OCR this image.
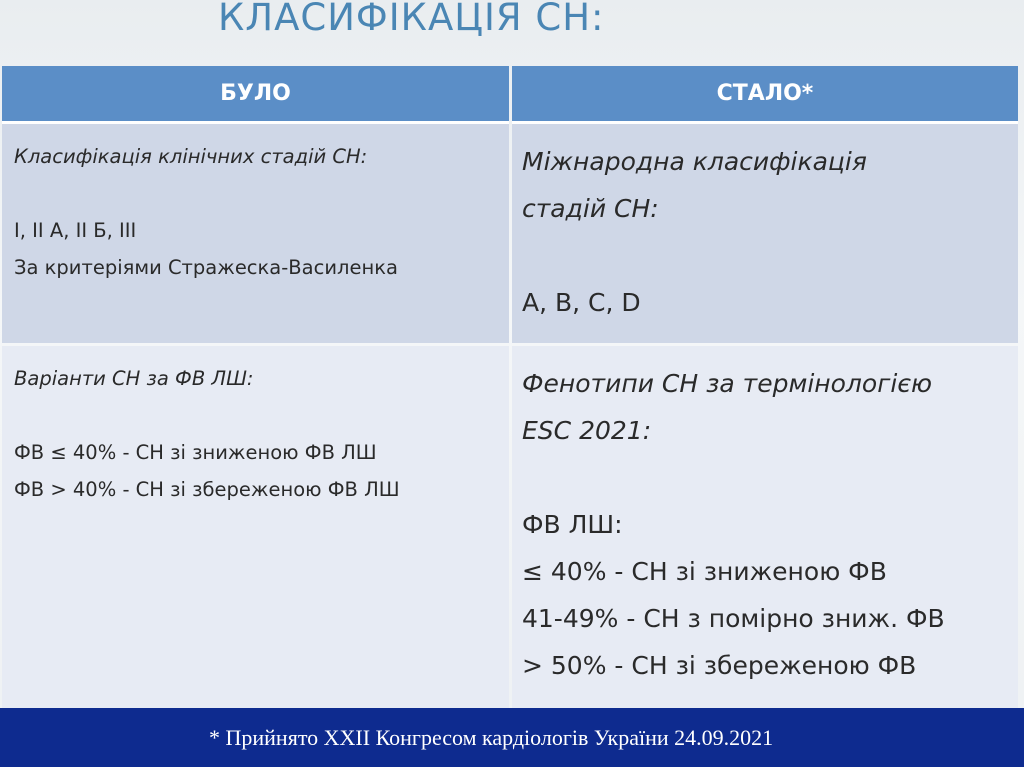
КЛАСИФІКАЦІЯ СН:
БУЛО	СТАЛО*
Класифікація клінічних стадій СН:
I, II А, II Б, III
За критеріями Стражеска-Василенка
Міжнародна класифікація
стадій СН:
A, B, C, D
Варіанти СН за ФВ ЛШ:
ФВ ≤ 40% - СН зі зниженою ФВ ЛШ
ФВ > 40% - СН зі збереженою ФВ ЛШ
Фенотипи СН за термінологією
ESC 2021:
ФВ ЛШ:
≤ 40% - СН зі зниженою ФВ
41-49% - СН з помірно зниж. ФВ
> 50% - СН зі збереженою ФВ
* Прийнято XXII Конгресом кардіологів України 24.09.2021
